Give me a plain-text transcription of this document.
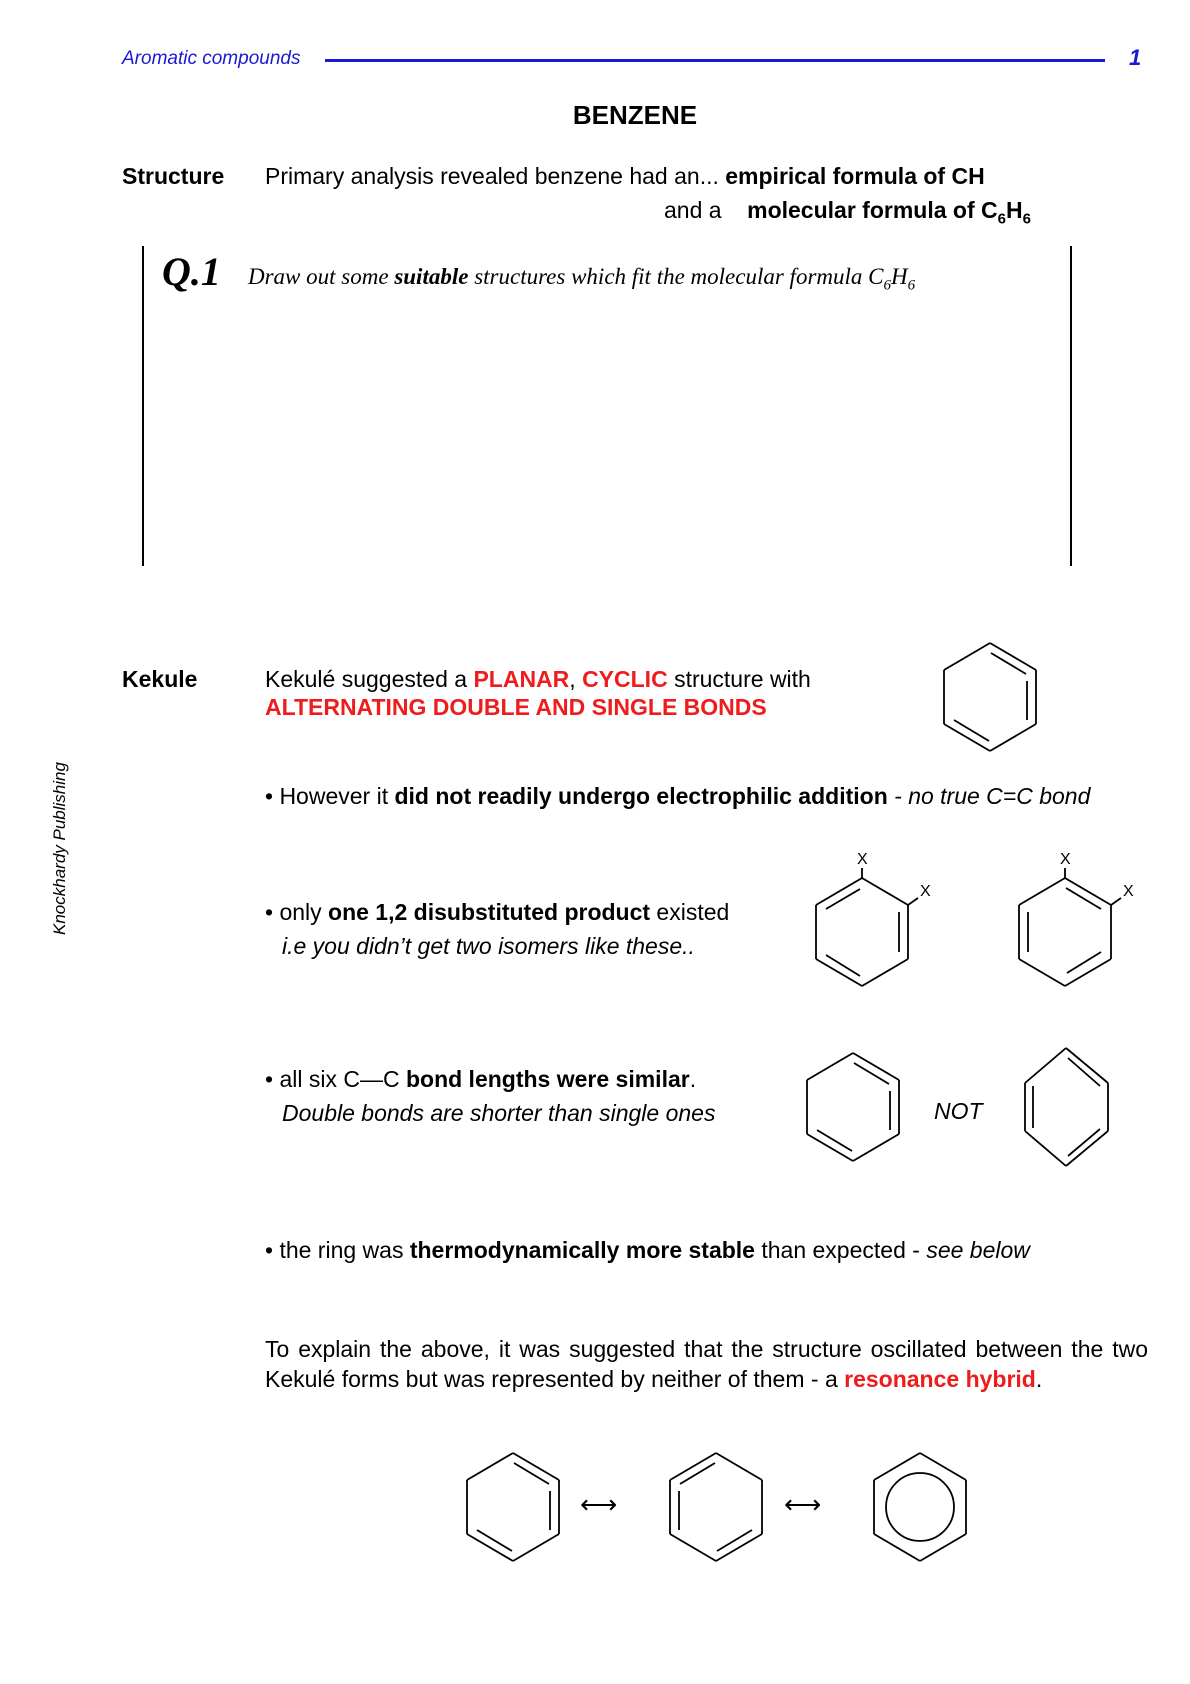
Aromatic compounds	1
Knockhardy Publishing
BENZENE
Structure Primary analysis revealed benzene had an... empirical formula of CH
and a molecular formula of $C_6H_6$
Q.1 Draw out some suitable structures which fit the molecular formula $C_6H_6$
Kekule	Kekulé suggested a PLANAR, CYCLIC structure with
ALTERNATING DOUBLE AND SINGLE BONDS
• However it did not readily undergo electrophilic addition - no true C=C bond
• only one 1,2 disubstituted product existed
i.e you didn’t get two isomers like these..
X
X
X
X
• all six C—C bond lengths were similar.
Double bonds are shorter than single ones	NOT
• the ring was thermodynamically more stable than expected - see below
To explain the above, it was suggested that the structure oscillated between the two Kekulé forms but was represented by neither of them - a resonance hybrid.
⟷	⟷
